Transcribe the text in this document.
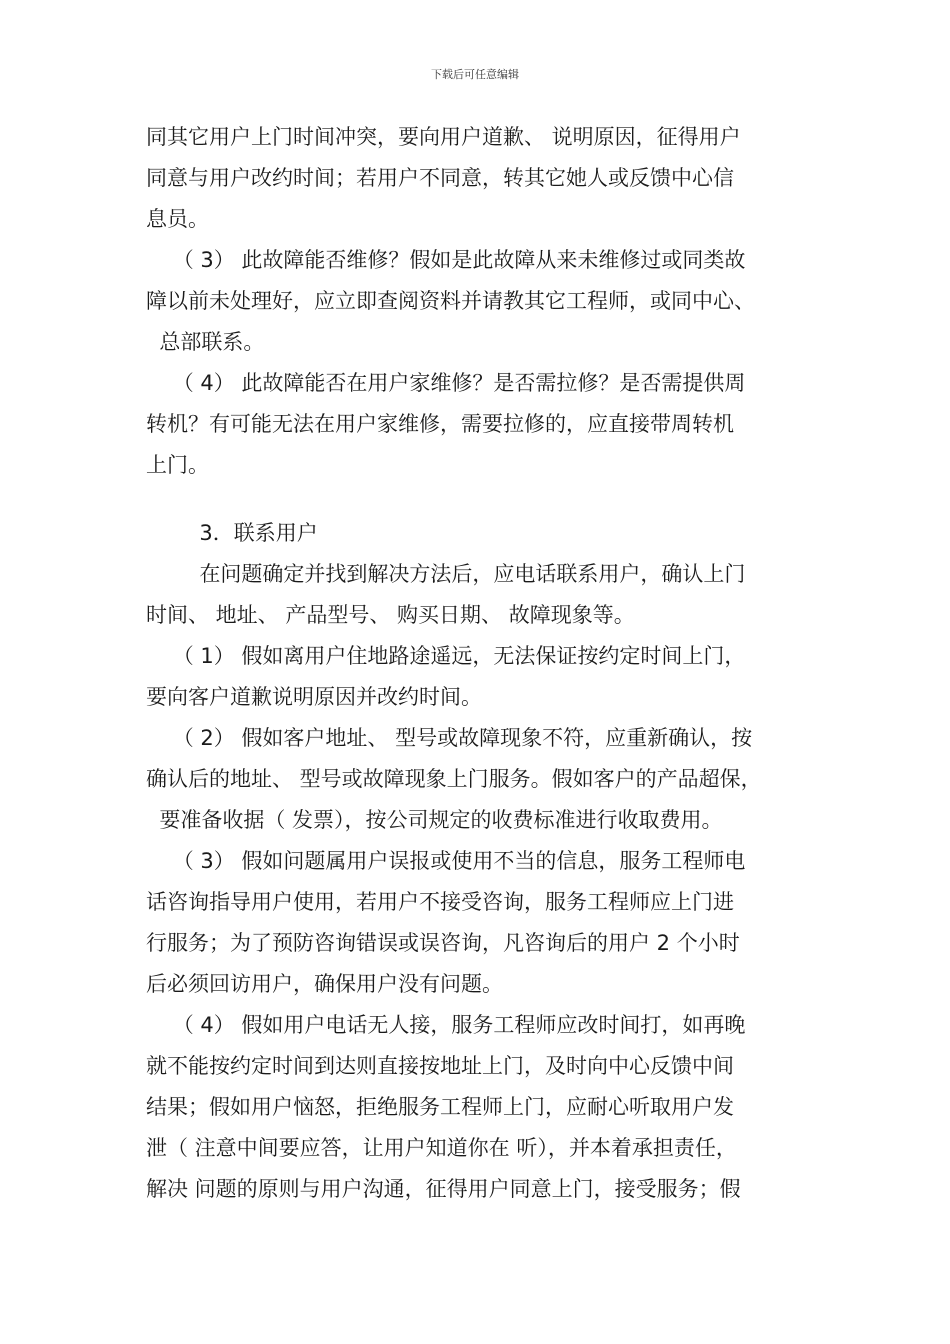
下载后可任意编辑
同其它用户上门时间冲突，要向用户道歉、 说明原因，征得用户
同意与用户改约时间；若用户不同意，转其它她人或反馈中心信
息员。
（ 3） 此故障能否维修？假如是此故障从来未维修过或同类故
障以前未处理好，应立即查阅资料并请教其它工程师，或同中心、
总部联系。
（ 4） 此故障能否在用户家维修？是否需拉修？是否需提供周
转机？有可能无法在用户家维修，需要拉修的，应直接带周转机
上门。
3．联系用户
在问题确定并找到解决方法后，应电话联系用户，确认上门
时间、 地址、 产品型号、 购买日期、 故障现象等。
（ 1） 假如离用户住地路途遥远，无法保证按约定时间上门，
要向客户道歉说明原因并改约时间。
（ 2） 假如客户地址、 型号或故障现象不符，应重新确认，按
确认后的地址、 型号或故障现象上门服务。假如客户的产品超保，
要准备收据（ 发票），按公司规定的收费标准进行收取费用。
（ 3） 假如问题属用户误报或使用不当的信息，服务工程师电
话咨询指导用户使用，若用户不接受咨询，服务工程师应上门进
行服务；为了预防咨询错误或误咨询，凡咨询后的用户 2 个小时
后必须回访用户，确保用户没有问题。
（ 4） 假如用户电话无人接，服务工程师应改时间打，如再晚
就不能按约定时间到达则直接按地址上门，及时向中心反馈中间
结果；假如用户恼怒，拒绝服务工程师上门，应耐心听取用户发
泄（ 注意中间要应答，让用户知道你在 听），并本着承担责任，
解决 问题的原则与用户沟通，征得用户同意上门，接受服务；假
